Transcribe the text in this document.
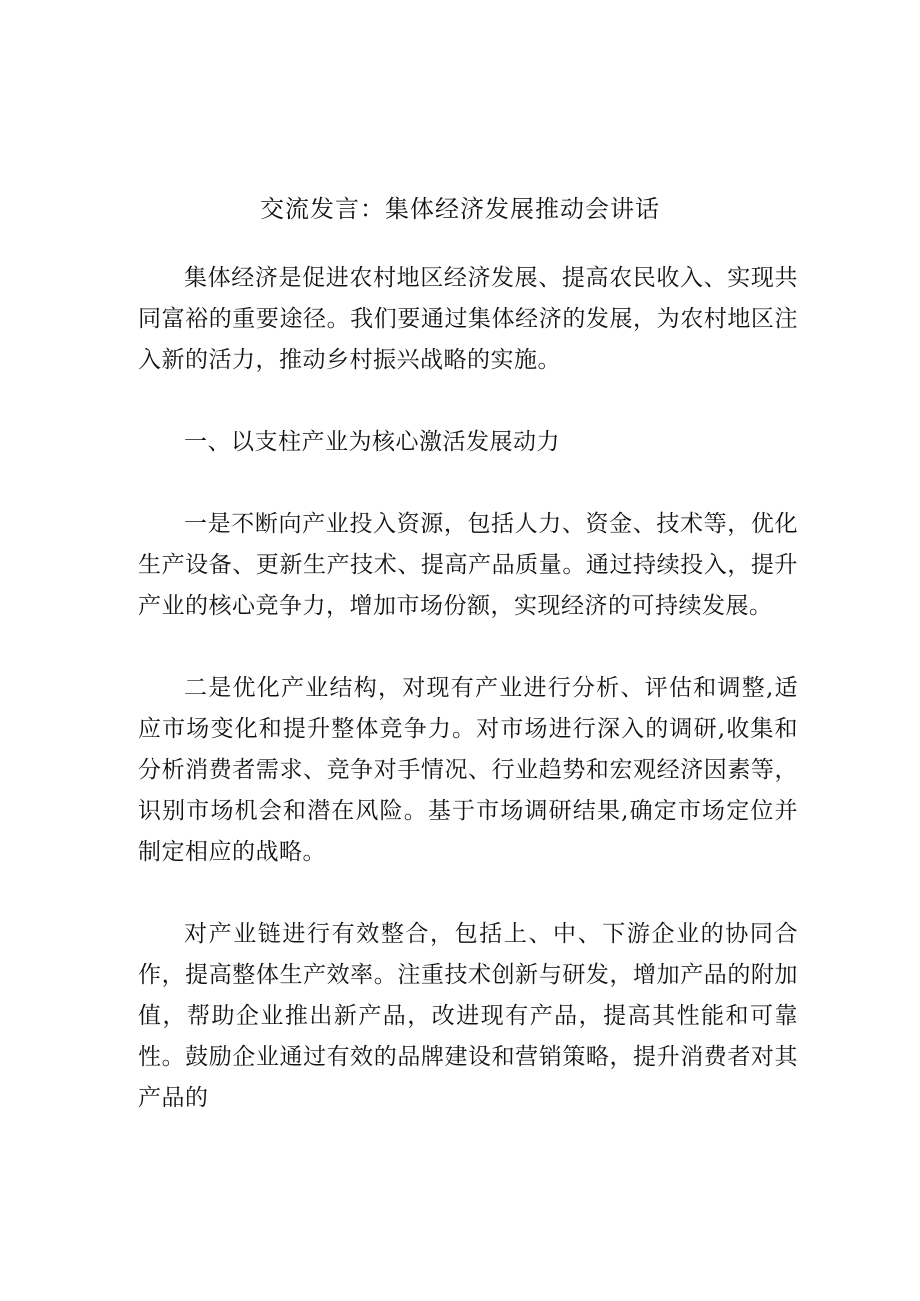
交流发言：集体经济发展推动会讲话

集体经济是促进农村地区经济发展、提高农民收入、实现共同富裕的重要途径。我们要通过集体经济的发展，为农村地区注入新的活力，推动乡村振兴战略的实施。

一、以支柱产业为核心激活发展动力

一是不断向产业投入资源，包括人力、资金、技术等，优化生产设备、更新生产技术、提高产品质量。通过持续投入，提升产业的核心竞争力，增加市场份额，实现经济的可持续发展。

二是优化产业结构，对现有产业进行分析、评估和调整,适应市场变化和提升整体竞争力。对市场进行深入的调研,收集和分析消费者需求、竞争对手情况、行业趋势和宏观经济因素等，识别市场机会和潜在风险。基于市场调研结果,确定市场定位并制定相应的战略。

对产业链进行有效整合，包括上、中、下游企业的协同合作，提高整体生产效率。注重技术创新与研发，增加产品的附加值，帮助企业推出新产品，改进现有产品，提高其性能和可靠性。鼓励企业通过有效的品牌建设和营销策略，提升消费者对其产品的
